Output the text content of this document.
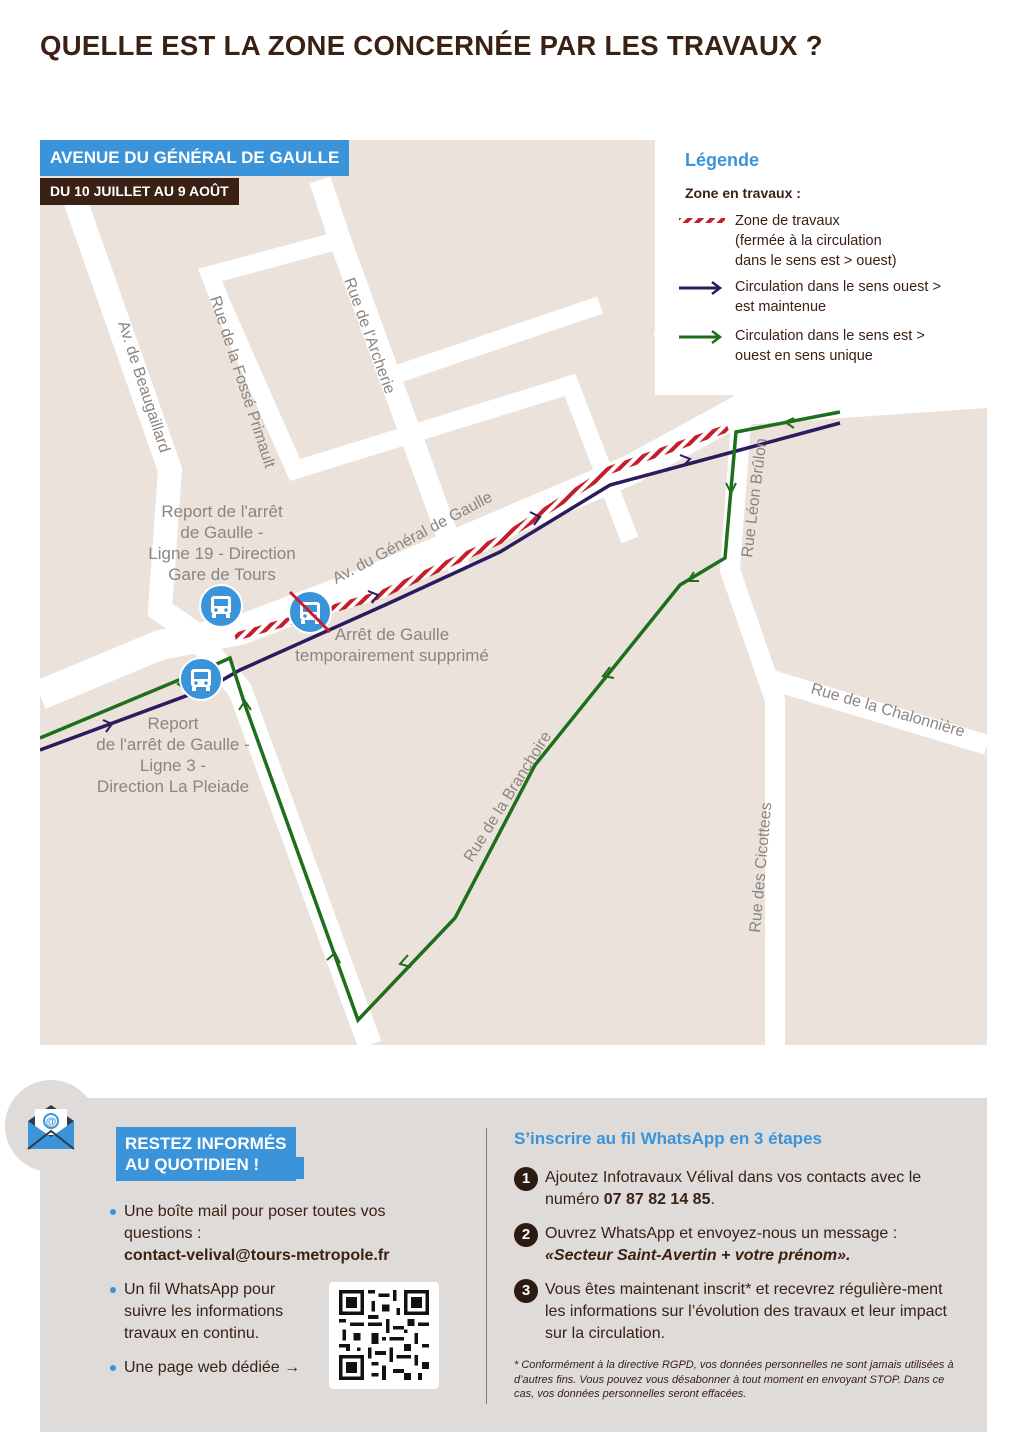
QUELLE EST LA ZONE CONCERNÉE PAR LES TRAVAUX ?
Av. de Beaugaillard Rue de la Fossé Primault	Rue de l'Archerie
Av. du Général de Gaulle	Rue Léon Brûlon
Rue de la Chalonnière
Rue de la Branchoire
Rue des Cicottees
Report de l'arrêt
de Gaulle -
Ligne 19 - Direction
Gare de Tours
Arrêt de Gaulle
temporairement supprimé
Report
de l'arrêt de Gaulle -
Ligne 3 -
Direction La Pleiade
AVENUE DU GÉNÉRAL DE GAULLE
DU 10 JUILLET AU 9 AOÛT
Légende
Zone en travaux :
Zone de travaux
(fermée à la circulation
dans le sens est > ouest)
Circulation dans le sens ouest >
est maintenue
Circulation dans le sens est >
ouest en sens unique
@
RESTEZ INFORMÉS
AU QUOTIDIEN !
Une boîte mail pour poser toutes vos questions :
contact-velival@tours-metropole.fr
Un fil WhatsApp pour suivre les informations travaux en continu.
Une page web dédiée →
S’inscrire au fil WhatsApp en 3 étapes
1 Ajoutez Infotravaux Vélival dans vos contacts avec le numéro 07 87 82 14 85.
2 Ouvrez WhatsApp et envoyez-nous un message :
«Secteur Saint-Avertin + votre prénom».
3 Vous êtes maintenant inscrit* et recevrez régulière-ment les informations sur l’évolution des travaux et leur impact sur la circulation.
* Conformément à la directive RGPD, vos données personnelles ne sont jamais utilisées à d’autres fins. Vous pouvez vous désabonner à tout moment en envoyant STOP. Dans ce cas, vos données personnelles seront effacées.
